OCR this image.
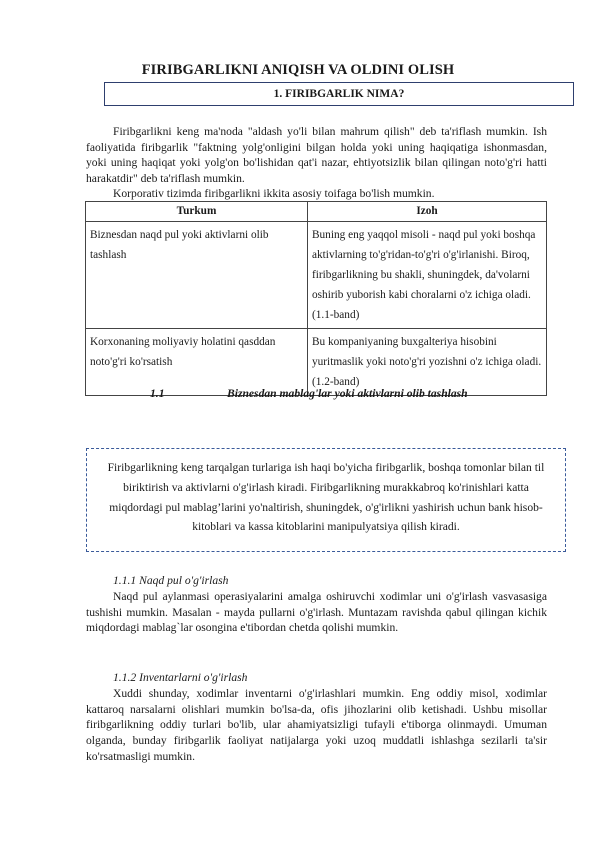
FIRIBGARLIKNI ANIQISH VA OLDINI OLISH
1. FIRIBGARLIK NIMA?

Firibgarlikni keng ma'noda "aldash yo'li bilan mahrum qilish" deb ta'riflash mumkin. Ish faoliyatida firibgarlik "faktning yolg'onligini bilgan holda yoki uning haqiqatiga ishonmasdan, yoki uning haqiqat yoki yolg'on bo'lishidan qat'i nazar, ehtiyotsizlik bilan qilingan noto'g'ri hatti harakatdir" deb ta'riflash mumkin.

Korporativ tizimda firibgarlikni ikkita asosiy toifaga bo'lish mumkin.

Turkum	Izoh
Biznesdan naqd pul yoki aktivlarni olib tashlash	Buning eng yaqqol misoli - naqd pul yoki boshqa aktivlarning to'g'ridan-to'g'ri o'g'irlanishi. Biroq, firibgarlikning bu shakli, shuningdek, da'volarni oshirib yuborish kabi choralarni o'z ichiga oladi. (1.1-band)
Korxonaning moliyaviy holatini qasddan noto'g'ri ko'rsatish	Bu kompaniyaning buxgalteriya hisobini yuritmaslik yoki noto'g'ri yozishni o'z ichiga oladi. (1.2-band)
1.1	Biznesdan mablag'lar yoki aktivlarni olib tashlash

Firibgarlikning keng tarqalgan turlariga ish haqi bo'yicha firibgarlik, boshqa tomonlar bilan til biriktirish va aktivlarni o'g'irlash kiradi. Firibgarlikning murakkabroq ko'rinishlari katta miqdordagi pul mablag’larini yo'naltirish, shuningdek, o'g'irlikni yashirish uchun bank hisob-kitoblari va kassa kitoblarini manipulyatsiya qilish kiradi.

1.1.1 Naqd pul o'g'irlash

Naqd pul aylanmasi operasiyalarini amalga oshiruvchi xodimlar uni o'g'irlash vasvasasiga tushishi mumkin. Masalan - mayda pullarni o'g'irlash. Muntazam ravishda qabul qilingan kichik miqdordagi mablag`lar osongina e'tibordan chetda qolishi mumkin.

1.1.2 Inventarlarni o'g'irlash

Xuddi shunday, xodimlar inventarni o'g'irlashlari mumkin. Eng oddiy misol, xodimlar kattaroq narsalarni olishlari mumkin bo'lsa-da, ofis jihozlarini olib ketishadi. Ushbu misollar firibgarlikning oddiy turlari bo'lib, ular ahamiyatsizligi tufayli e'tiborga olinmaydi. Umuman olganda, bunday firibgarlik faoliyat natijalarga yoki uzoq muddatli ishlashga sezilarli ta'sir ko'rsatmasligi mumkin.
